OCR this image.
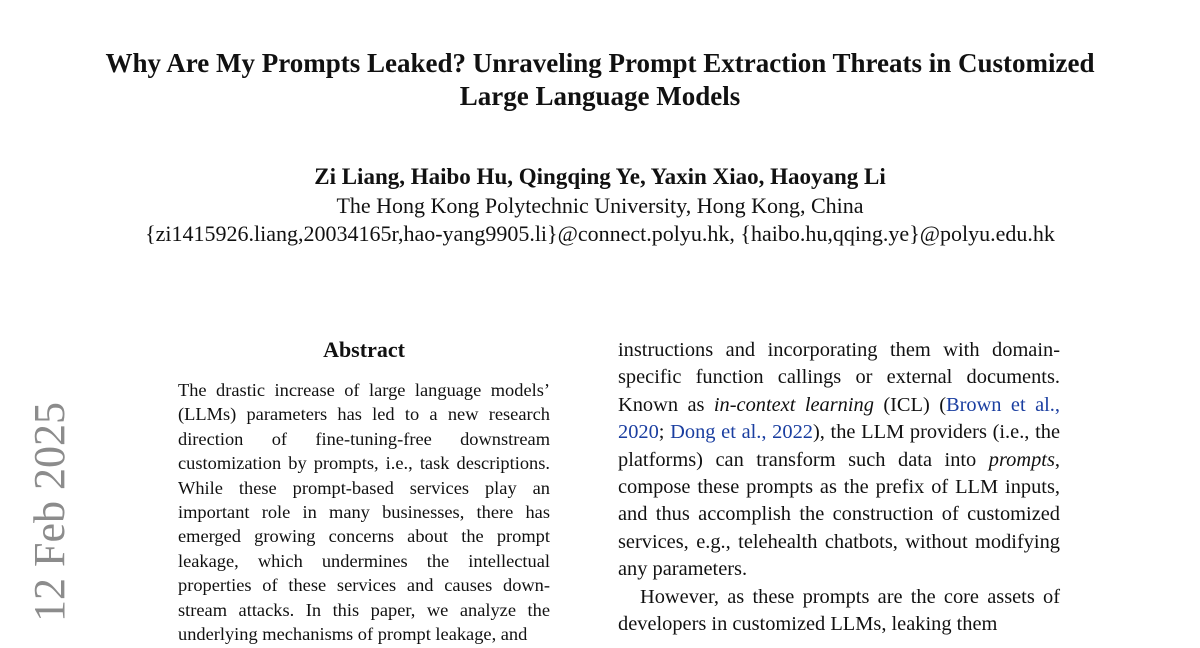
Why Are My Prompts Leaked? Unraveling Prompt Extraction Threats in Customized Large Language Models

Zi Liang, Haibo Hu, Qingqing Ye, Yaxin Xiao, Haoyang Li

The Hong Kong Polytechnic University, Hong Kong, China

{zi1415926.liang,20034165r,hao-yang9905.li}@connect.polyu.hk, {haibo.hu,qqing.ye}@polyu.edu.hk

12 Feb 2025
Abstract

The drastic increase of large language models’ (LLMs) parameters has led to a new research direction of fine-tuning-free downstream customization by prompts, i.e., task descriptions. While these prompt-based services play an important role in many businesses, there has emerged growing concerns about the prompt leakage, which undermines the intellectual properties of these services and causes downstream attacks. In this paper, we analyze the underlying mechanisms of prompt leakage, and

instructions and incorporating them with domain-specific function callings or external documents. Known as in-context learning (ICL) (Brown et al., 2020; Dong et al., 2022), the LLM providers (i.e., the platforms) can transform such data into prompts, compose these prompts as the prefix of LLM inputs, and thus accomplish the construction of customized services, e.g., telehealth chatbots, without modifying any parameters.

However, as these prompts are the core assets of developers in customized LLMs, leaking them
